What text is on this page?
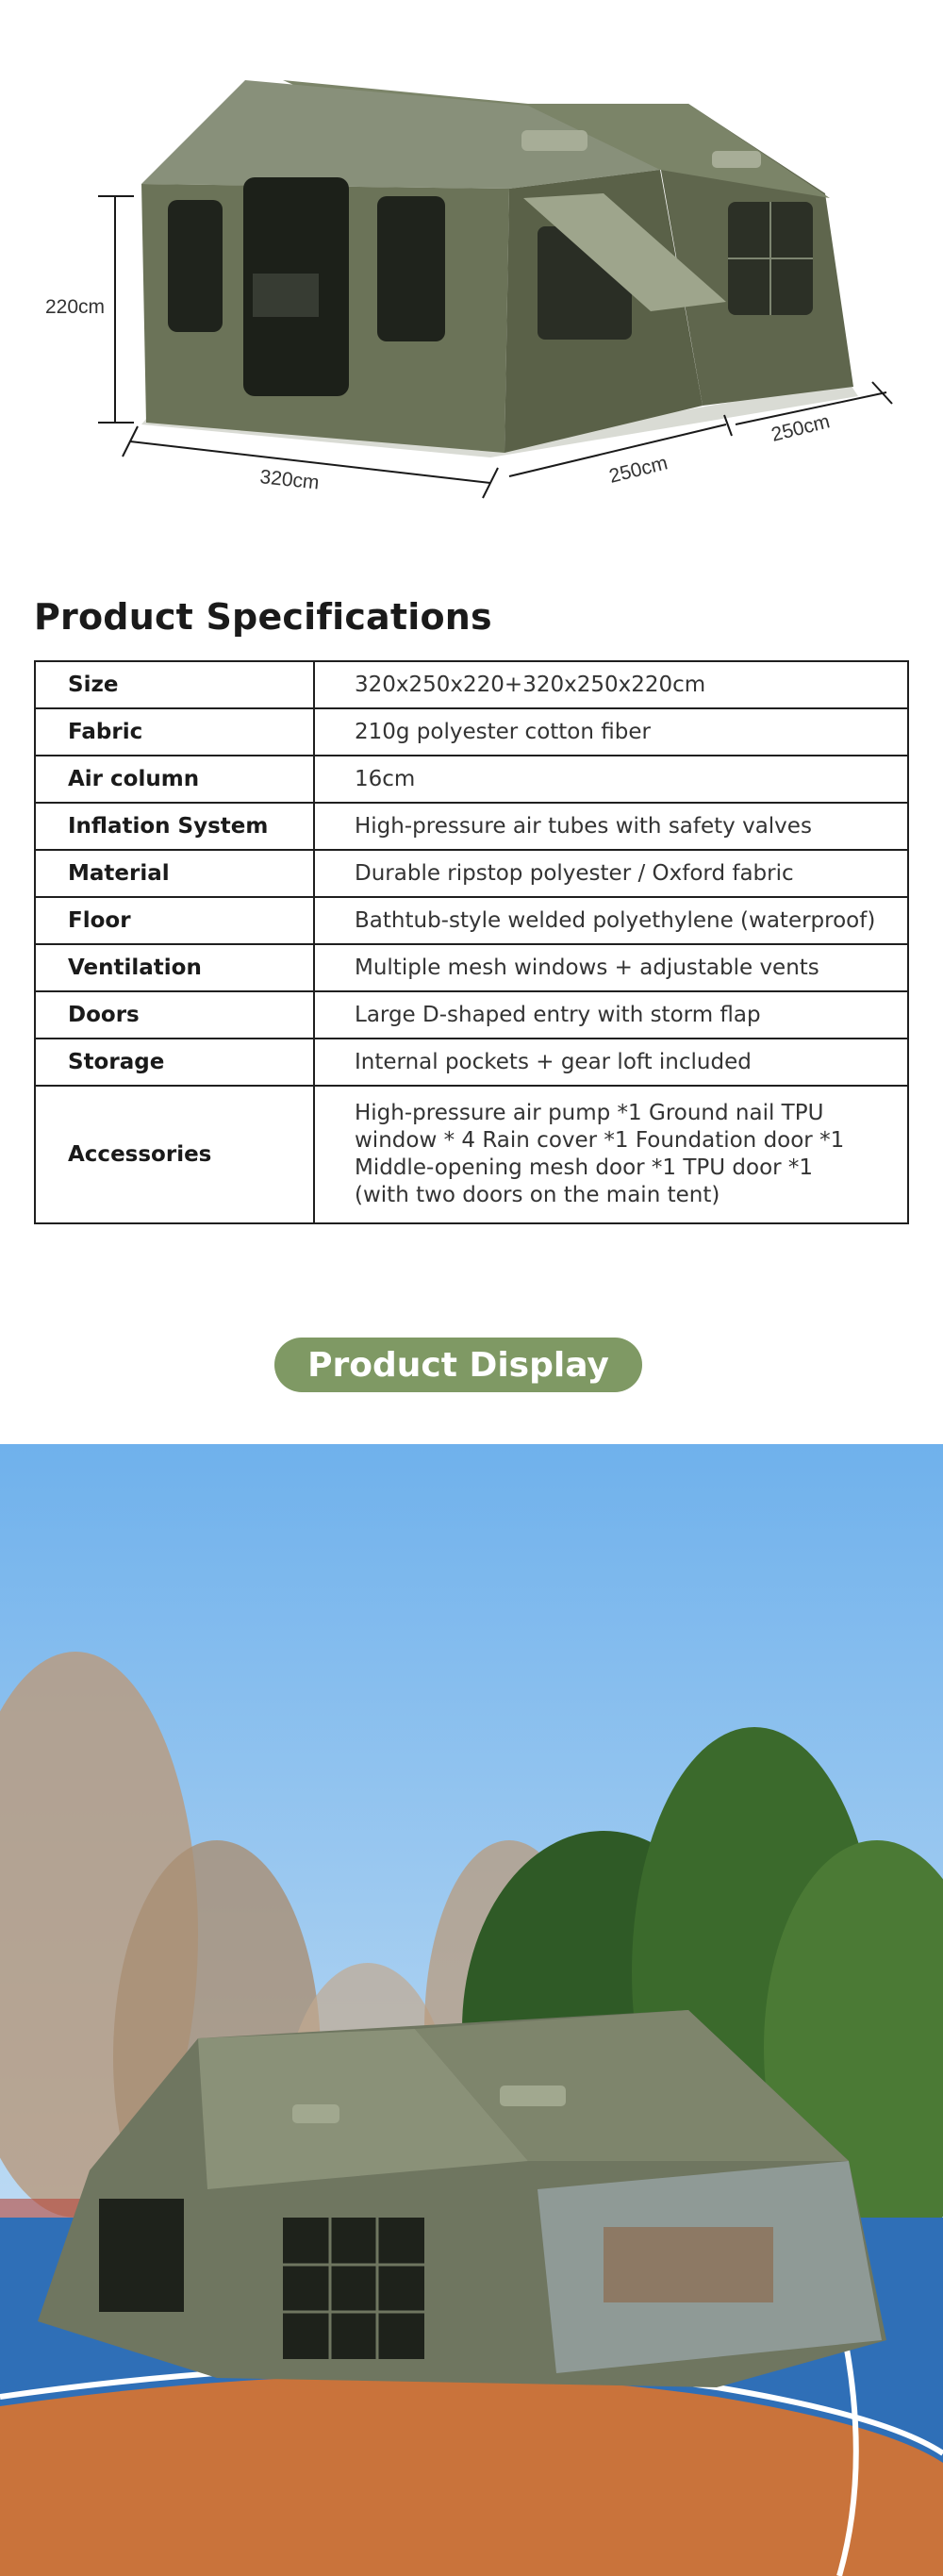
220cm
320cm	250cm
250cm
Product Specifications
Size	320x250x220+320x250x220cm
Fabric	210g polyester cotton fiber
Air column	16cm
Inflation System	High-pressure air tubes with safety valves
Material	Durable ripstop polyester / Oxford fabric
Floor	Bathtub-style welded polyethylene (waterproof)
Ventilation	Multiple mesh windows + adjustable vents
Doors	Large D-shaped entry with storm flap
Storage	Internal pockets + gear loft included
Accessories	High-pressure air pump *1 Ground nail TPU
window * 4 Rain cover *1 Foundation door *1
Middle-opening mesh door *1 TPU door *1
(with two doors on the main tent)
Product Display
